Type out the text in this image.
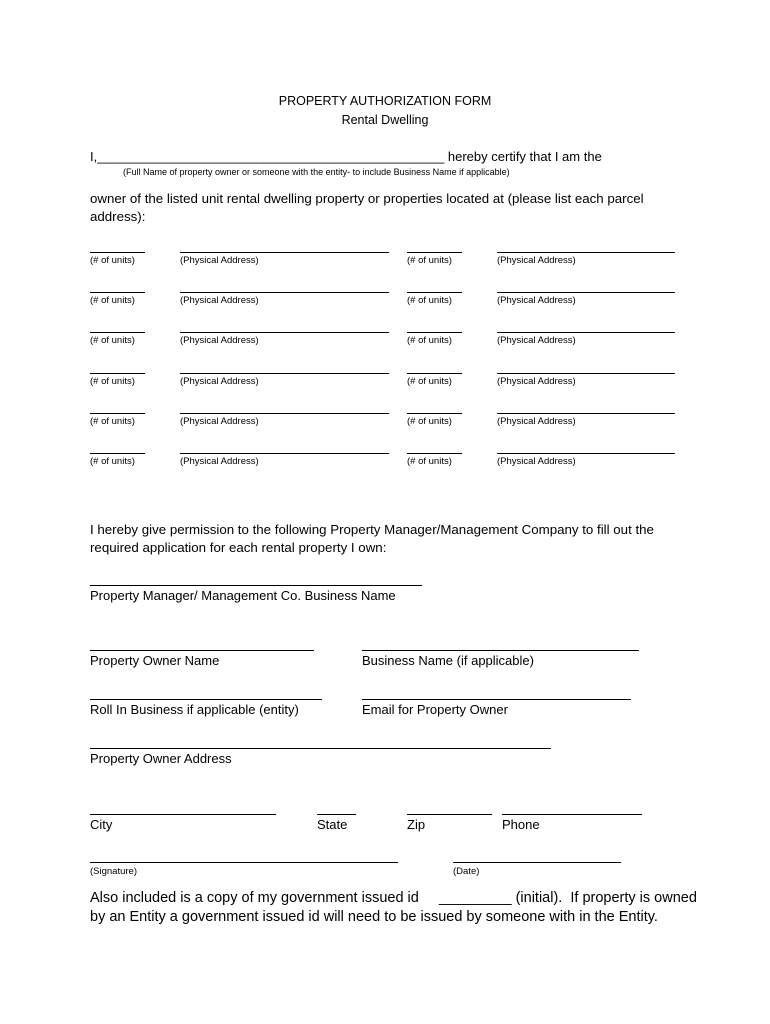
PROPERTY AUTHORIZATION FORM
Rental Dwelling
I,________________________________________________ hereby certify that I am the
(Full Name of property owner or someone with the entity- to include Business Name if applicable)
owner of the listed unit rental dwelling property or properties located at (please list each parcel address):
(# of units)	(Physical Address)	(# of units)	(Physical Address)
(# of units)	(Physical Address)	(# of units)	(Physical Address)
(# of units)	(Physical Address)	(# of units)	(Physical Address)
(# of units)	(Physical Address)	(# of units)	(Physical Address)
(# of units)	(Physical Address)	(# of units)	(Physical Address)
(# of units)	(Physical Address)	(# of units)	(Physical Address)
I hereby give permission to the following Property Manager/Management Company to fill out the required application for each rental property I own:
Property Manager/ Management Co. Business Name
Property Owner Name	Business Name (if applicable)
Roll In Business if applicable (entity)	Email for Property Owner
Property Owner Address
City	State	Zip	Phone
(Signature)	(Date)
Also included is a copy of my government issued id     _________ (initial).  If property is owned by an Entity a government issued id will need to be issued by someone with in the Entity.
